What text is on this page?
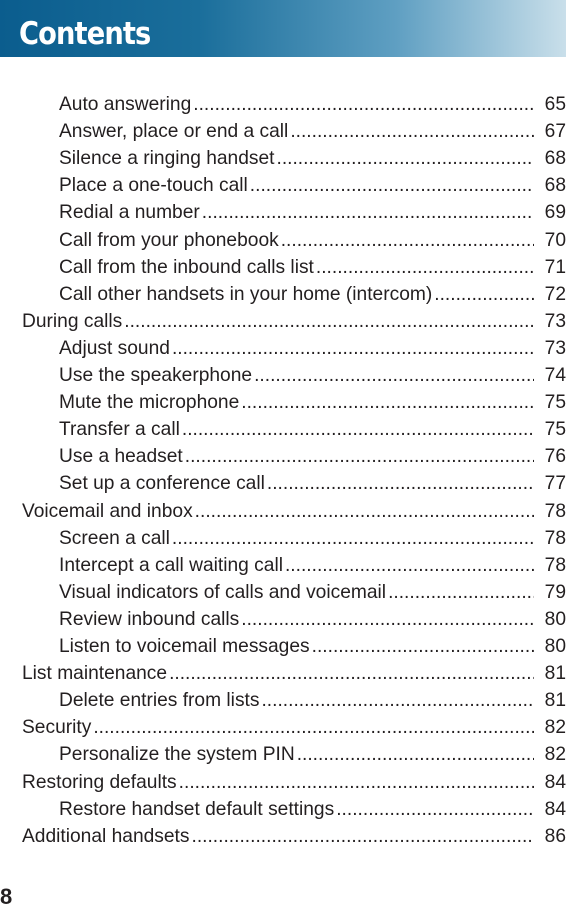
Contents
Auto answering .....	65
Answer, place or end a call .....	67
Silence a ringing handset .....	68
Place a one-touch call .....	68
Redial a number .....	69
Call from your phonebook .....	70
Call from the inbound calls list .....	71
Call other handsets in your home (intercom) .....	72
During calls .....	73
Adjust sound .....	73
Use the speakerphone .....	74
Mute the microphone .....	75
Transfer a call .....	75
Use a headset .....	76
Set up a conference call .....	77
Voicemail and inbox .....	78
Screen a call .....	78
Intercept a call waiting call .....	78
Visual indicators of calls and voicemail .....	79
Review inbound calls .....	80
Listen to voicemail messages .....	80
List maintenance .....	81
Delete entries from lists .....	81
Security .....	82
Personalize the system PIN .....	82
Restoring defaults .....	84
Restore handset default settings .....	84
Additional handsets .....	86
8
